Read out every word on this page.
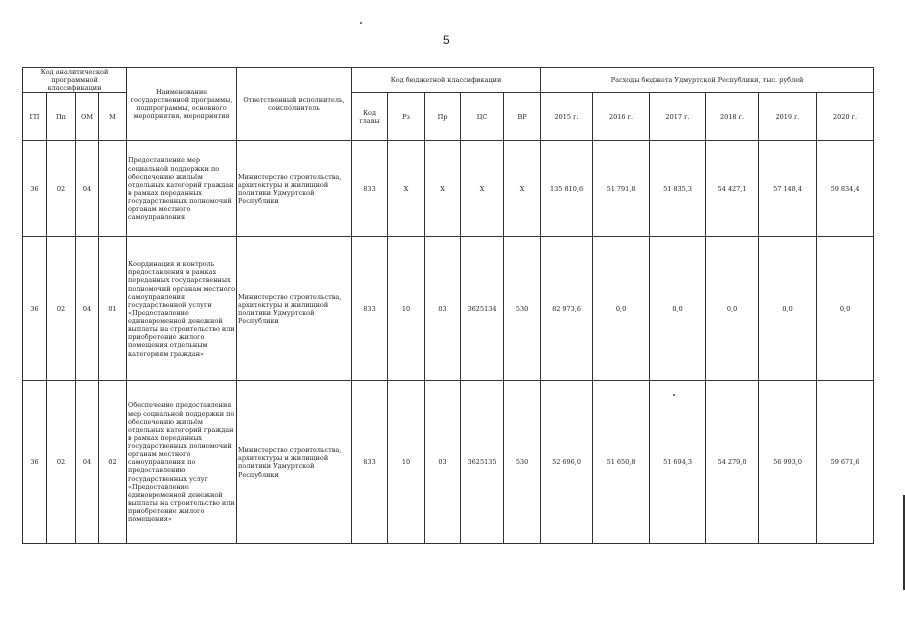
5
Код аналитической программной классификации				Наименование государственной программы, подпрограммы, основного мероприятия, мероприятия	Ответственный исполнитель, соисполнитель	Код бюджетной классификации					Расходы бюджета Удмуртской Республики, тыс. рублей					
ГП	Пп	ОМ	М			Код главы	Рз	Пр	ЦС	ВР	2015 г.	2016 г.	2017 г.	2018 г.	2019 г.	2020 г.
36	02	04		Предоставление мер социальной поддержки по обеспечению жильём отдельных категорий граждан в рамках переданных государственных полномочий органам местного самоуправления	Министерство строительства, архитектуры и жилищной политики Удмуртской Республики	833	X	X	X	X	135 810,6	51 791,8	51 835,3	54 427,1	57 148,4	59 834,4
36	02	04	01	Координация и контроль предоставления в рамках переданных государственных полномочий органам местного самоуправления государственной услуги «Предоставление единовременной денежной выплаты на строительство или приобретение жилого помещения отдельным категориям граждан»	Министерство строительства, архитектуры и жилищной политики Удмуртской Республики	833	10	03	3625134	530	82 973,6	0,0	0,0	0,0	0,0	0,0
36	02	04	02	Обеспечение предоставления мер социальной поддержки по обеспечению жильём отдельных категорий граждан в рамках переданных государственных полномочий органам местного самоуправления по предоставлению государственных услуг «Предоставление единовременной денежной выплаты на строительство или приобретение жилого помещения»	Министерство строительства, архитектуры и жилищной политики Удмуртской Республики	833	10	03	3625135	530	52 696,0	51 650,8	51 694,3	54 279,0	56 993,0	59 671,6
